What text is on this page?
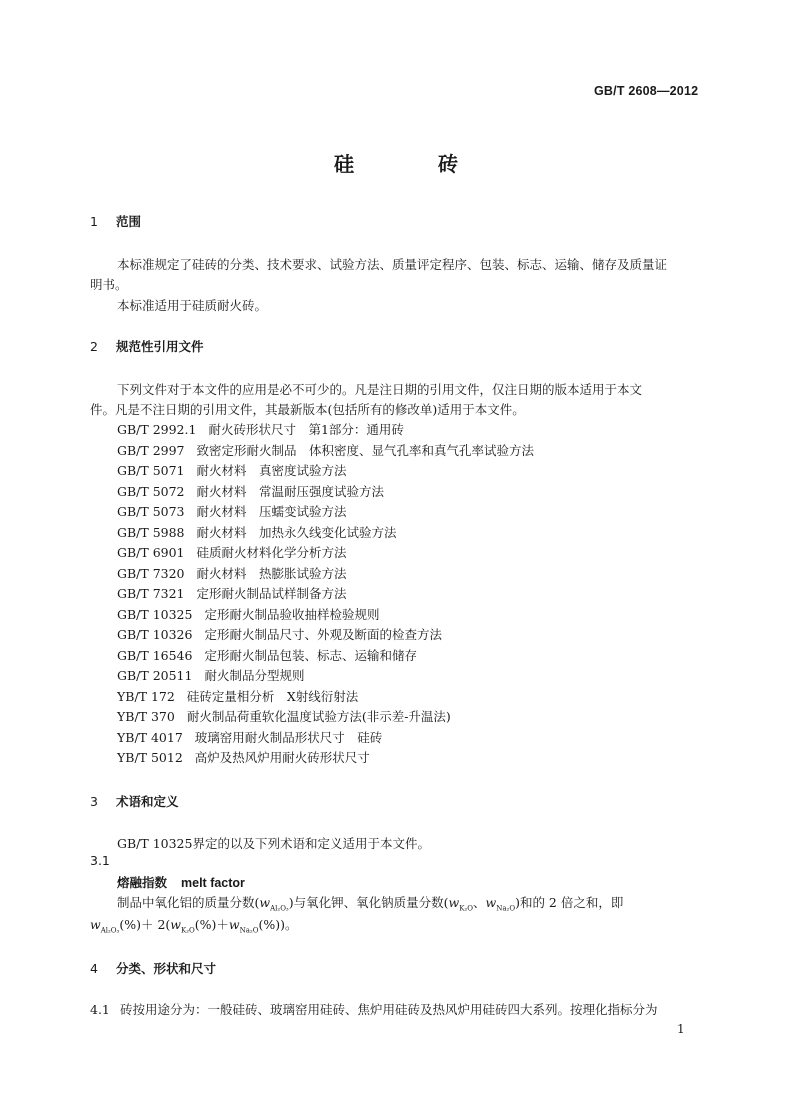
GB/T 2608—2012
硅	砖
1 范围
本标准规定了硅砖的分类、技术要求、试验方法、质量评定程序、包装、标志、运输、储存及质量证
明书。
本标准适用于硅质耐火砖。
2 规范性引用文件
下列文件对于本文件的应用是必不可少的。凡是注日期的引用文件，仅注日期的版本适用于本文
件。凡是不注日期的引用文件，其最新版本(包括所有的修改单)适用于本文件。
GB/T 2992.1 耐火砖形状尺寸　第1部分：通用砖
GB/T 2997 致密定形耐火制品　体积密度、显气孔率和真气孔率试验方法
GB/T 5071 耐火材料　真密度试验方法
GB/T 5072 耐火材料　常温耐压强度试验方法
GB/T 5073 耐火材料　压蠕变试验方法
GB/T 5988 耐火材料　加热永久线变化试验方法
GB/T 6901 硅质耐火材料化学分析方法
GB/T 7320 耐火材料　热膨胀试验方法
GB/T 7321 定形耐火制品试样制备方法
GB/T 10325 定形耐火制品验收抽样检验规则
GB/T 10326 定形耐火制品尺寸、外观及断面的检查方法
GB/T 16546 定形耐火制品包装、标志、运输和储存
GB/T 20511 耐火制品分型规则
YB/T 172 硅砖定量相分析　X射线衍射法
YB/T 370 耐火制品荷重软化温度试验方法(非示差-升温法)
YB/T 4017 玻璃窑用耐火制品形状尺寸　硅砖
YB/T 5012 高炉及热风炉用耐火砖形状尺寸
3 术语和定义
GB/T 10325界定的以及下列术语和定义适用于本文件。
3.1
熔融指数 melt factor
制品中氧化铝的质量分数$(w_{Al_2O_3})$与氧化钾、氧化钠质量分数($w_{K_2O}$、$w_{Na_2O}$)和的 2 倍之和，即
$w_{Al_2O_3}(\%)+ 2(w_{K_2O}(\%)+w_{Na_2O}(\%))$。
4 分类、形状和尺寸
4.1 砖按用途分为：一般硅砖、玻璃窑用硅砖、焦炉用硅砖及热风炉用硅砖四大系列。按理化指标分为
1
